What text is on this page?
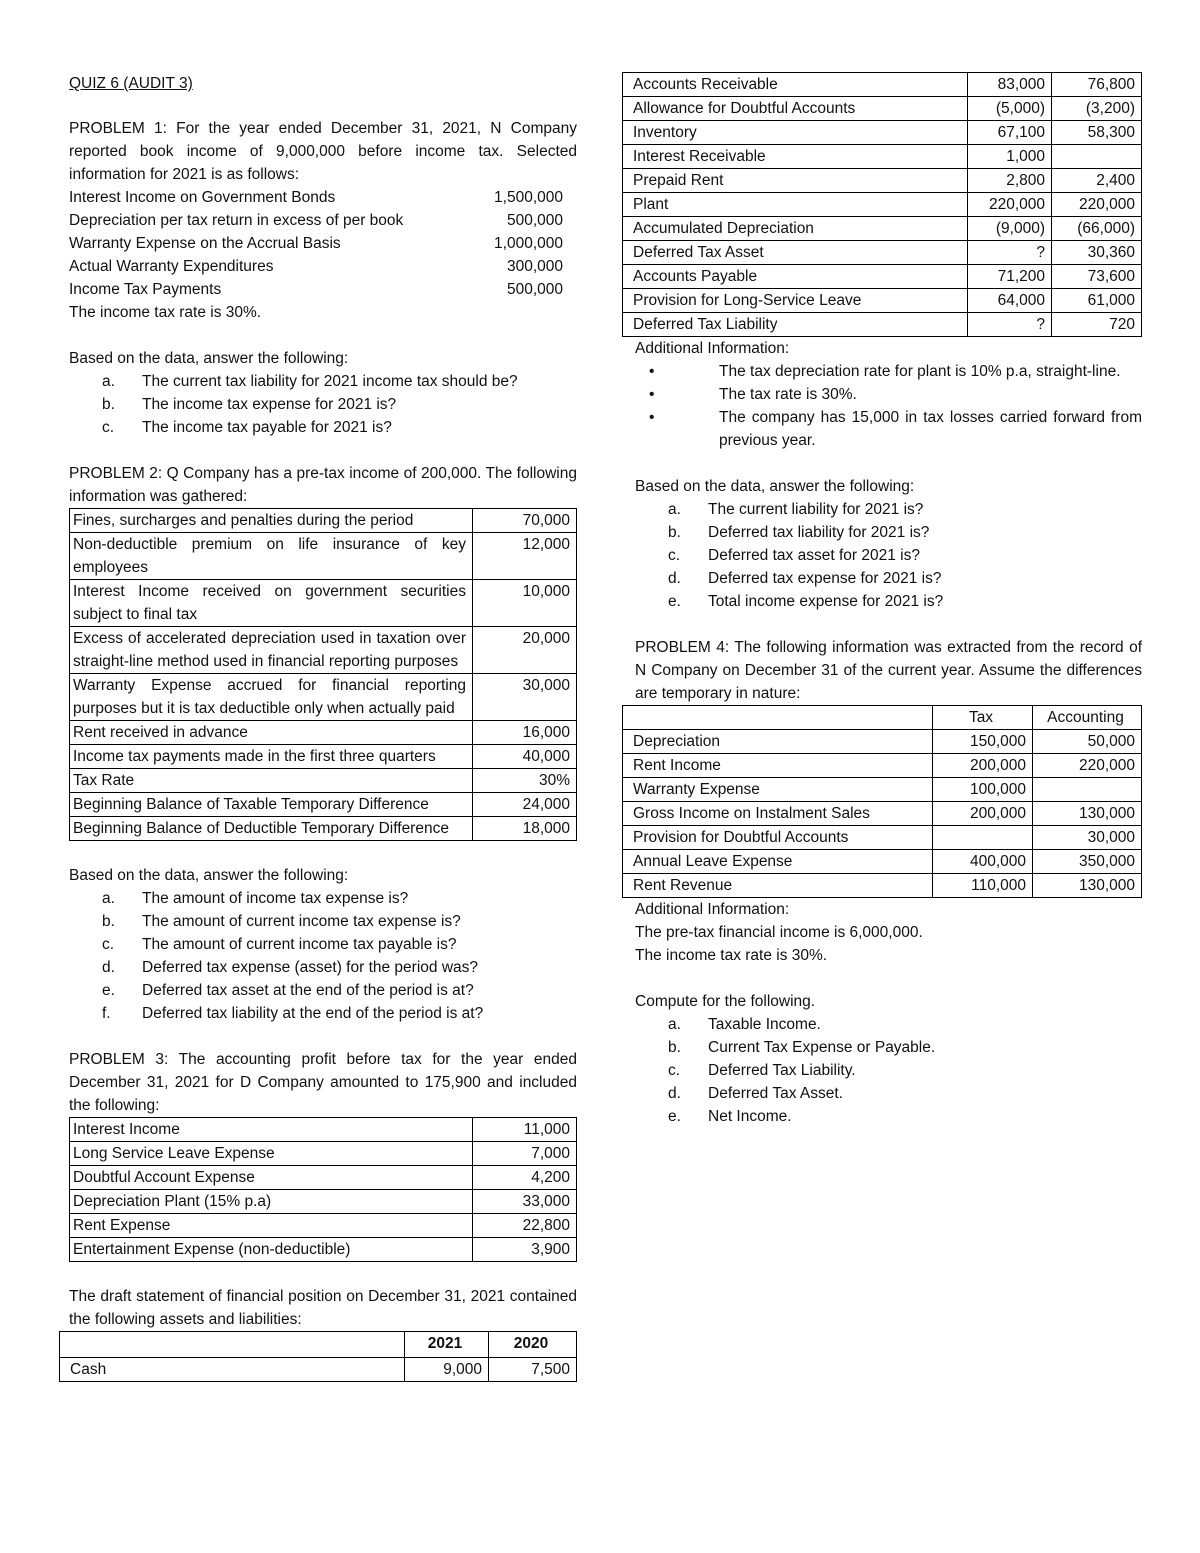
QUIZ 6 (AUDIT 3)

PROBLEM 1: For the year ended December 31, 2021, N Company reported book income of 9,000,000 before income tax. Selected information for 2021 is as follows:

Interest Income on Government Bonds	1,500,000
Depreciation per tax return in excess of per book	500,000
Warranty Expense on the Accrual Basis	1,000,000
Actual Warranty Expenditures	300,000
Income Tax Payments	500,000

The income tax rate is 30%.

Based on the data, answer the following:

a.	The current tax liability for 2021 income tax should be?
b.	The income tax expense for 2021 is?
c.	The income tax payable for 2021 is?

PROBLEM 2: Q Company has a pre-tax income of 200,000. The following information was gathered:

Fines, surcharges and penalties during the period	70,000
Non-deductible premium on life insurance of key employees	12,000
Interest Income received on government securities subject to final tax	10,000
Excess of accelerated depreciation used in taxation over straight-line method used in financial reporting purposes	20,000
Warranty Expense accrued for financial reporting purposes but it is tax deductible only when actually paid	30,000
Rent received in advance	16,000
Income tax payments made in the first three quarters	40,000
Tax Rate	30%
Beginning Balance of Taxable Temporary Difference	24,000
Beginning Balance of Deductible Temporary Difference	18,000

Based on the data, answer the following:

a.	The amount of income tax expense is?
b.	The amount of current income tax expense is?
c.	The amount of current income tax payable is?
d.	Deferred tax expense (asset) for the period was?
e.	Deferred tax asset at the end of the period is at?
f.	Deferred tax liability at the end of the period is at?

PROBLEM 3: The accounting profit before tax for the year ended December 31, 2021 for D Company amounted to 175,900 and included the following:

Interest Income	11,000
Long Service Leave Expense	7,000
Doubtful Account Expense	4,200
Depreciation Plant (15% p.a)	33,000
Rent Expense	22,800
Entertainment Expense (non-deductible)	3,900

The draft statement of financial position on December 31, 2021 contained the following assets and liabilities:

	2021	2020
Cash	9,000	7,500
Accounts Receivable	83,000	76,800
Allowance for Doubtful Accounts	(5,000)	(3,200)
Inventory	67,100	58,300
Interest Receivable	1,000	
Prepaid Rent	2,800	2,400
Plant	220,000	220,000
Accumulated Depreciation	(9,000)	(66,000)
Deferred Tax Asset	?	30,360
Accounts Payable	71,200	73,600
Provision for Long-Service Leave	64,000	61,000
Deferred Tax Liability	?	720

Additional Information:

•	The tax depreciation rate for plant is 10% p.a, straight-line.
•	The tax rate is 30%.
•	The company has 15,000 in tax losses carried forward from previous year.

Based on the data, answer the following:

a.	The current liability for 2021 is?
b.	Deferred tax liability for 2021 is?
c.	Deferred tax asset for 2021 is?
d.	Deferred tax expense for 2021 is?
e.	Total income expense for 2021 is?

PROBLEM 4: The following information was extracted from the record of N Company on December 31 of the current year. Assume the differences are temporary in nature:

	Tax	Accounting
Depreciation	150,000	50,000
Rent Income	200,000	220,000
Warranty Expense	100,000	
Gross Income on Instalment Sales	200,000	130,000
Provision for Doubtful Accounts		30,000
Annual Leave Expense	400,000	350,000
Rent Revenue	110,000	130,000

Additional Information:

The pre-tax financial income is 6,000,000.

The income tax rate is 30%.

Compute for the following.

a.	Taxable Income.
b.	Current Tax Expense or Payable.
c.	Deferred Tax Liability.
d.	Deferred Tax Asset.
e.	Net Income.
